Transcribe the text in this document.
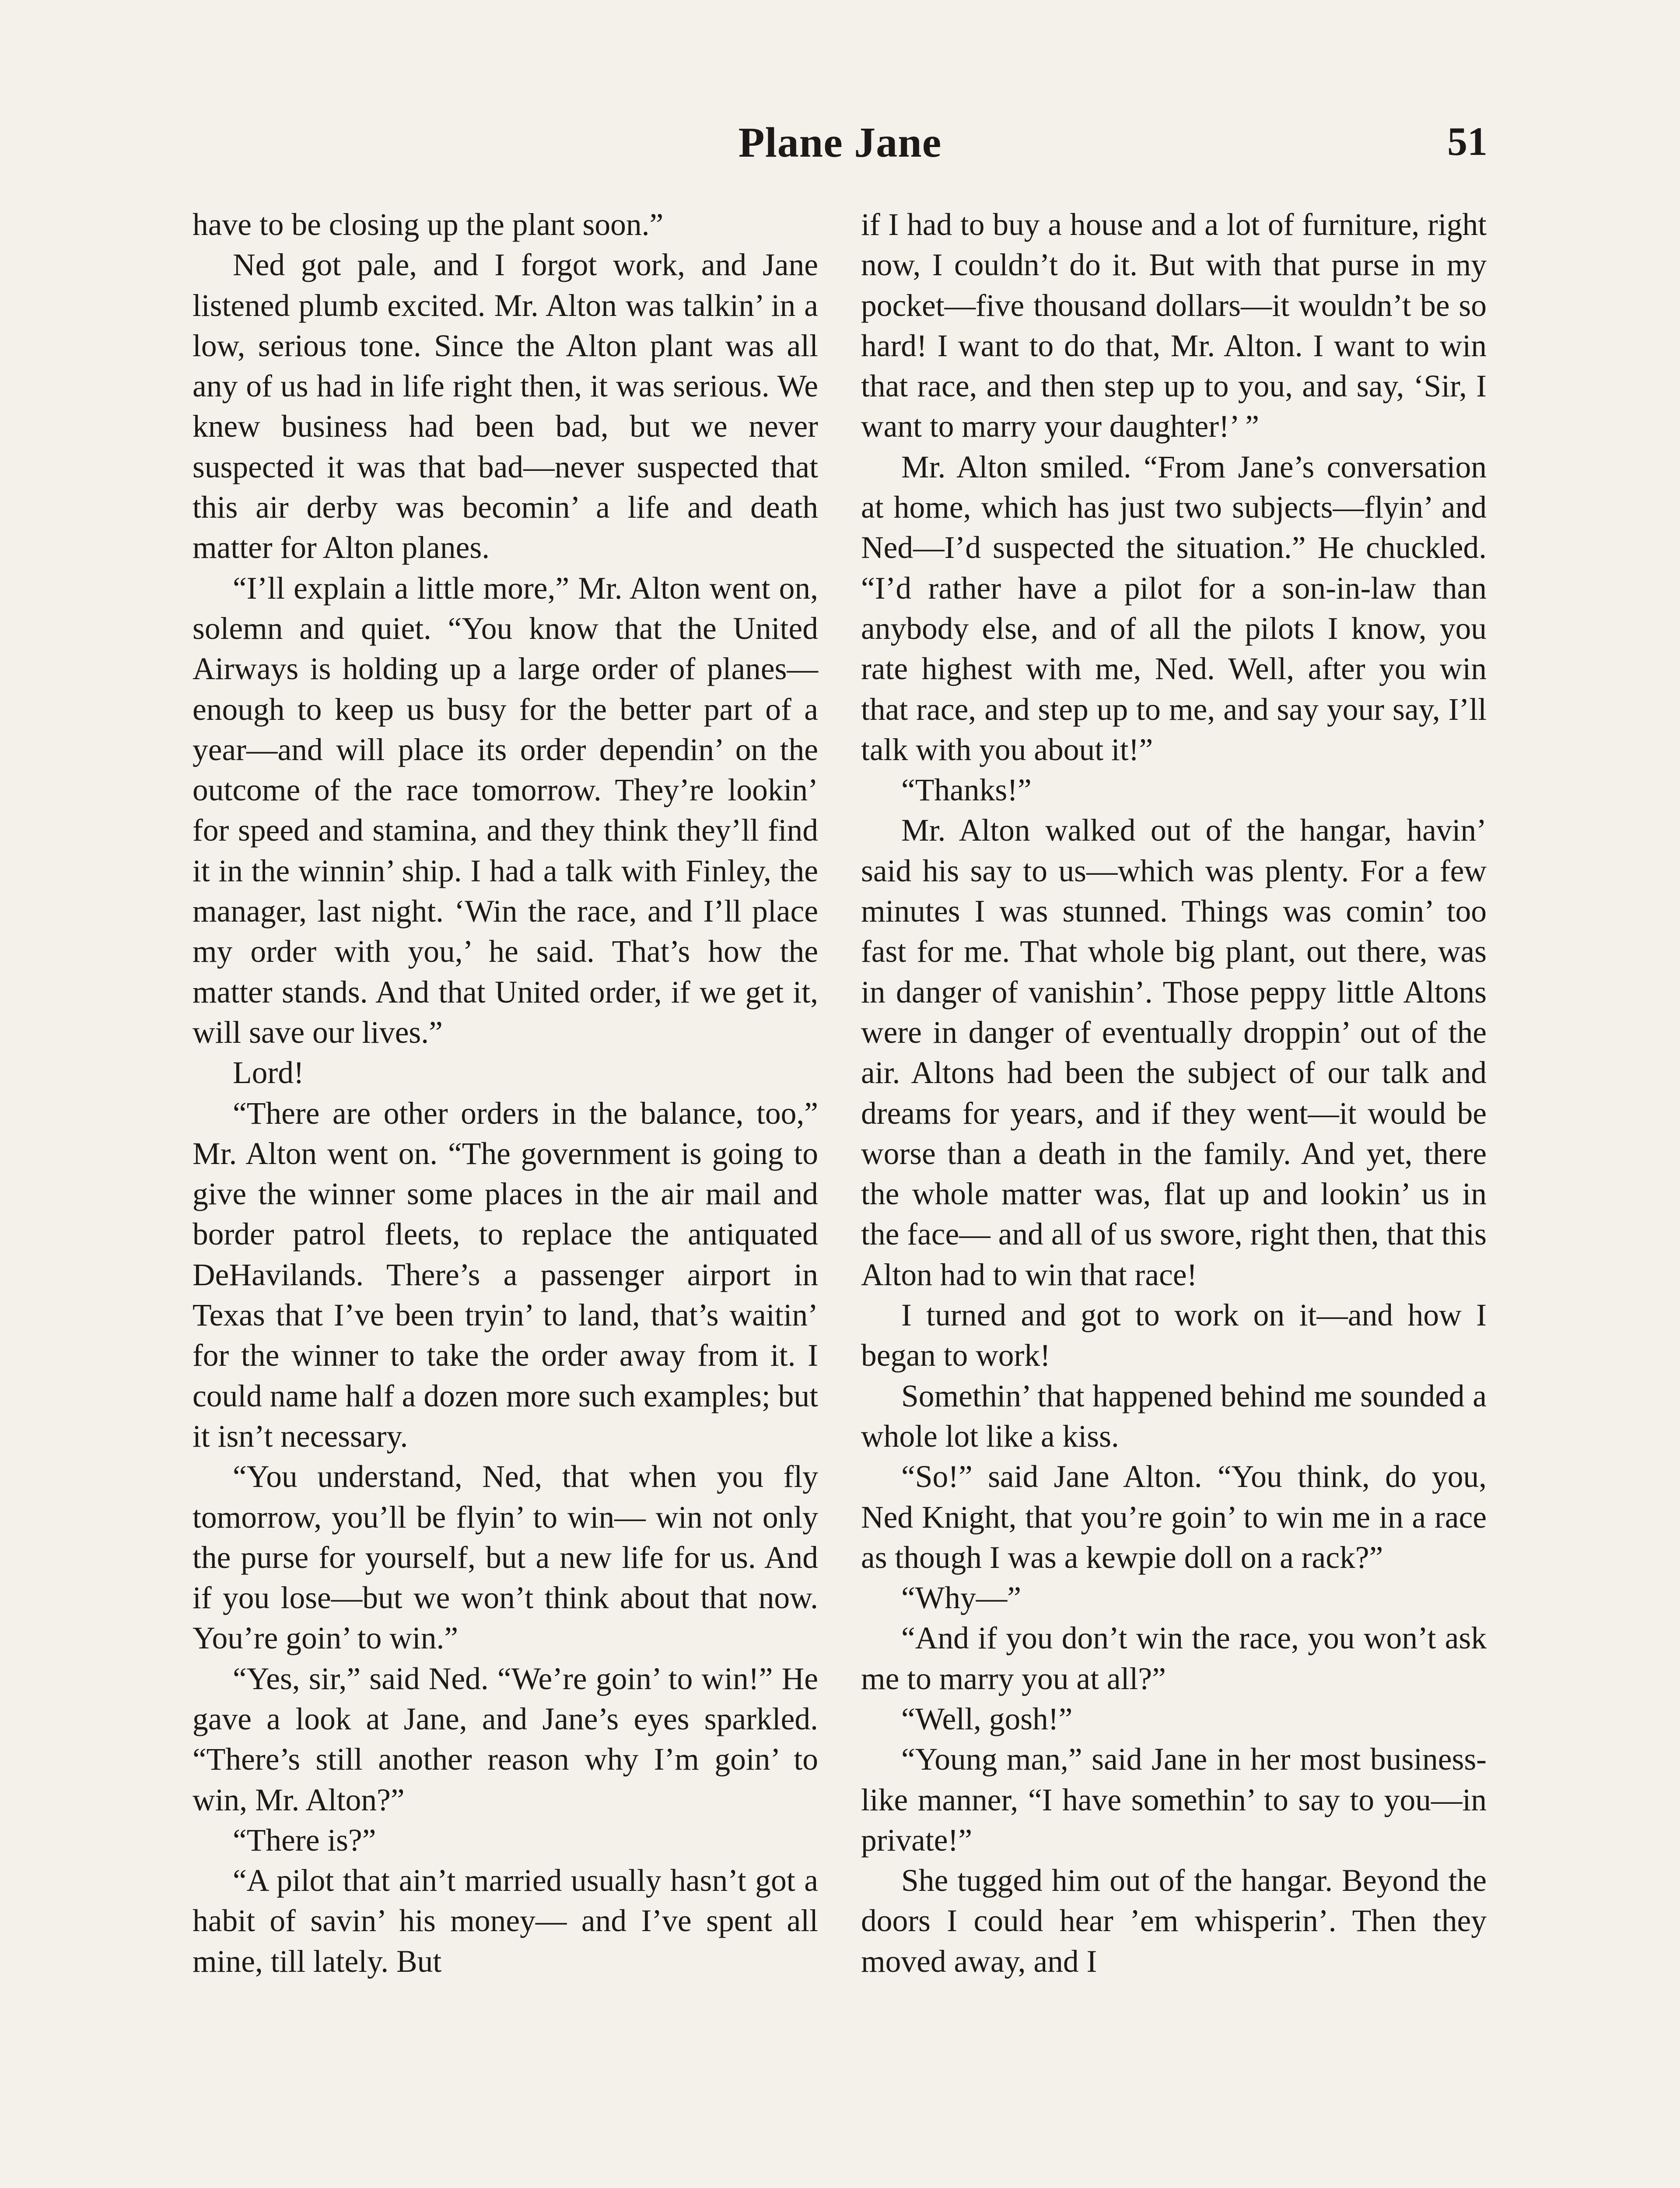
Plane Jane	51

have to be closing up the plant soon.”

Ned got pale, and I forgot work, and Jane listened plumb excited. Mr. Alton was talkin’ in a low, serious tone. Since the Alton plant was all any of us had in life right then, it was serious. We knew business had been bad, but we never suspected it was that bad—never suspected that this air derby was becomin’ a life and death matter for Alton planes.

“I’ll explain a little more,” Mr. Alton went on, solemn and quiet. “You know that the United Airways is holding up a large order of planes—enough to keep us busy for the better part of a year—and will place its order dependin’ on the outcome of the race tomorrow. They’re lookin’ for speed and stamina, and they think they’ll find it in the winnin’ ship. I had a talk with Finley, the manager, last night. ‘Win the race, and I’ll place my order with you,’ he said. That’s how the matter stands. And that United order, if we get it, will save our lives.”

Lord!

“There are other orders in the balance, too,” Mr. Alton went on. “The government is going to give the winner some places in the air mail and border patrol fleets, to replace the antiquated DeHavilands. There’s a passenger airport in Texas that I’ve been tryin’ to land, that’s waitin’ for the winner to take the order away from it. I could name half a dozen more such examples; but it isn’t necessary.

“You understand, Ned, that when you fly tomorrow, you’ll be flyin’ to win— win not only the purse for yourself, but a new life for us. And if you lose—but we won’t think about that now. You’re goin’ to win.”

“Yes, sir,” said Ned. “We’re goin’ to win!” He gave a look at Jane, and Jane’s eyes sparkled. “There’s still another reason why I’m goin’ to win, Mr. Alton?”

“There is?”

“A pilot that ain’t married usually hasn’t got a habit of savin’ his money— and I’ve spent all mine, till lately. But

if I had to buy a house and a lot of furniture, right now, I couldn’t do it. But with that purse in my pocket—five thousand dollars—it wouldn’t be so hard! I want to do that, Mr. Alton. I want to win that race, and then step up to you, and say, ‘Sir, I want to marry your daughter!’ ”

Mr. Alton smiled. “From Jane’s conversation at home, which has just two subjects—flyin’ and Ned—I’d suspected the situation.” He chuckled. “I’d rather have a pilot for a son-in-law than anybody else, and of all the pilots I know, you rate highest with me, Ned. Well, after you win that race, and step up to me, and say your say, I’ll talk with you about it!”

“Thanks!”

Mr. Alton walked out of the hangar, havin’ said his say to us—which was plenty. For a few minutes I was stunned. Things was comin’ too fast for me. That whole big plant, out there, was in danger of vanishin’. Those peppy little Altons were in danger of eventually droppin’ out of the air. Altons had been the subject of our talk and dreams for years, and if they went—it would be worse than a death in the family. And yet, there the whole matter was, flat up and lookin’ us in the face— and all of us swore, right then, that this Alton had to win that race!

I turned and got to work on it—and how I began to work!

Somethin’ that happened behind me sounded a whole lot like a kiss.

“So!” said Jane Alton. “You think, do you, Ned Knight, that you’re goin’ to win me in a race as though I was a kewpie doll on a rack?”

“Why—”

“And if you don’t win the race, you won’t ask me to marry you at all?”

“Well, gosh!”

“Young man,” said Jane in her most business-like manner, “I have somethin’ to say to you—in private!”

She tugged him out of the hangar. Beyond the doors I could hear ’em whisperin’. Then they moved away, and I
